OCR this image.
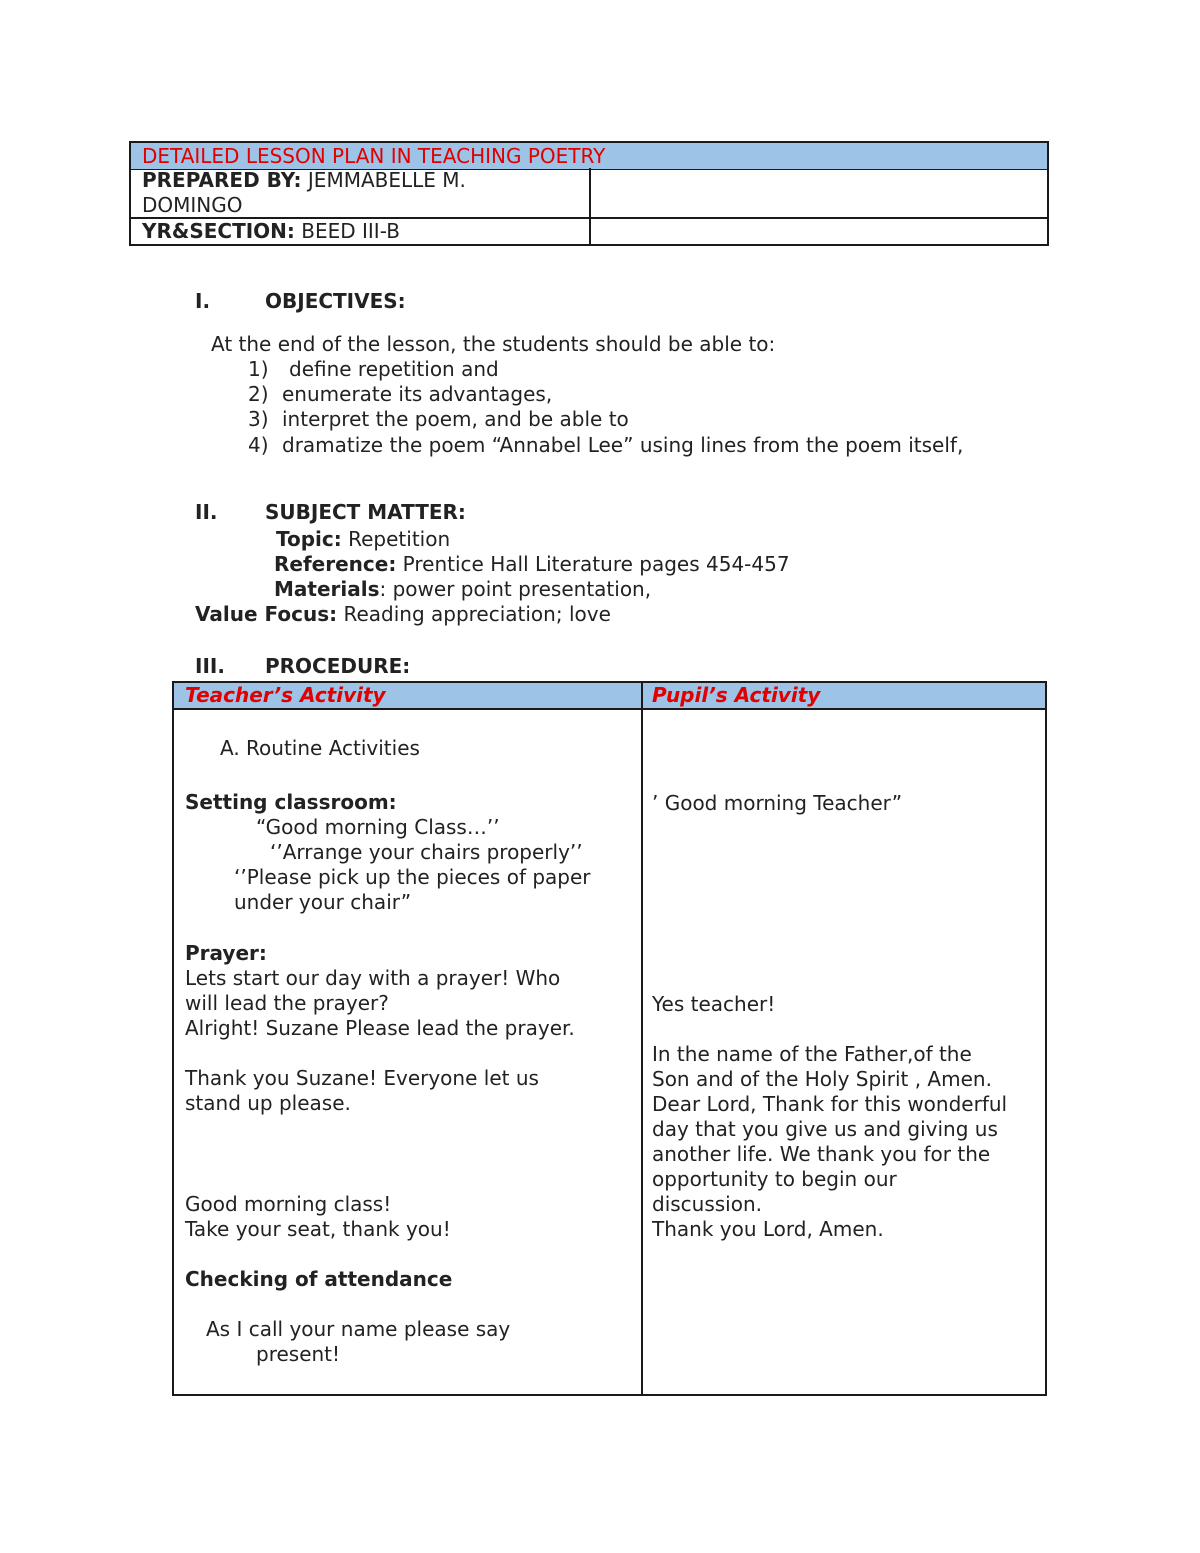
DETAILED LESSON PLAN IN TEACHING POETRY
PREPARED BY: JEMMABELLE M.
DOMINGO
YR&SECTION: BEED III-B
I.	OBJECTIVES:
At the end of the lesson, the students should be able to:
1) define repetition and
2) enumerate its advantages,
3) interpret the poem, and be able to
4) dramatize the poem “Annabel Lee” using lines from the poem itself,
II. SUBJECT MATTER:
Topic: Repetition
Reference: Prentice Hall Literature pages 454-457
Materials: power point presentation,
Value Focus: Reading appreciation; love
III. PROCEDURE:
Teacher’s Activity	Pupil’s Activity
A. Routine Activities
Setting classroom:
“Good morning Class…’’
‘’Arrange your chairs properly’’
‘’Please pick up the pieces of paper
under your chair”
Prayer:
Lets start our day with a prayer! Who
will lead the prayer?
Alright! Suzane Please lead the prayer.
Thank you Suzane! Everyone let us
stand up please.
Good morning class!
Take your seat, thank you!
Checking of attendance
As I call your name please say
present!
’ Good morning Teacher”
Yes teacher!
In the name of the Father,of the
Son and of the Holy Spirit , Amen.
Dear Lord, Thank for this wonderful
day that you give us and giving us
another life. We thank you for the
opportunity to begin our
discussion.
Thank you Lord, Amen.
